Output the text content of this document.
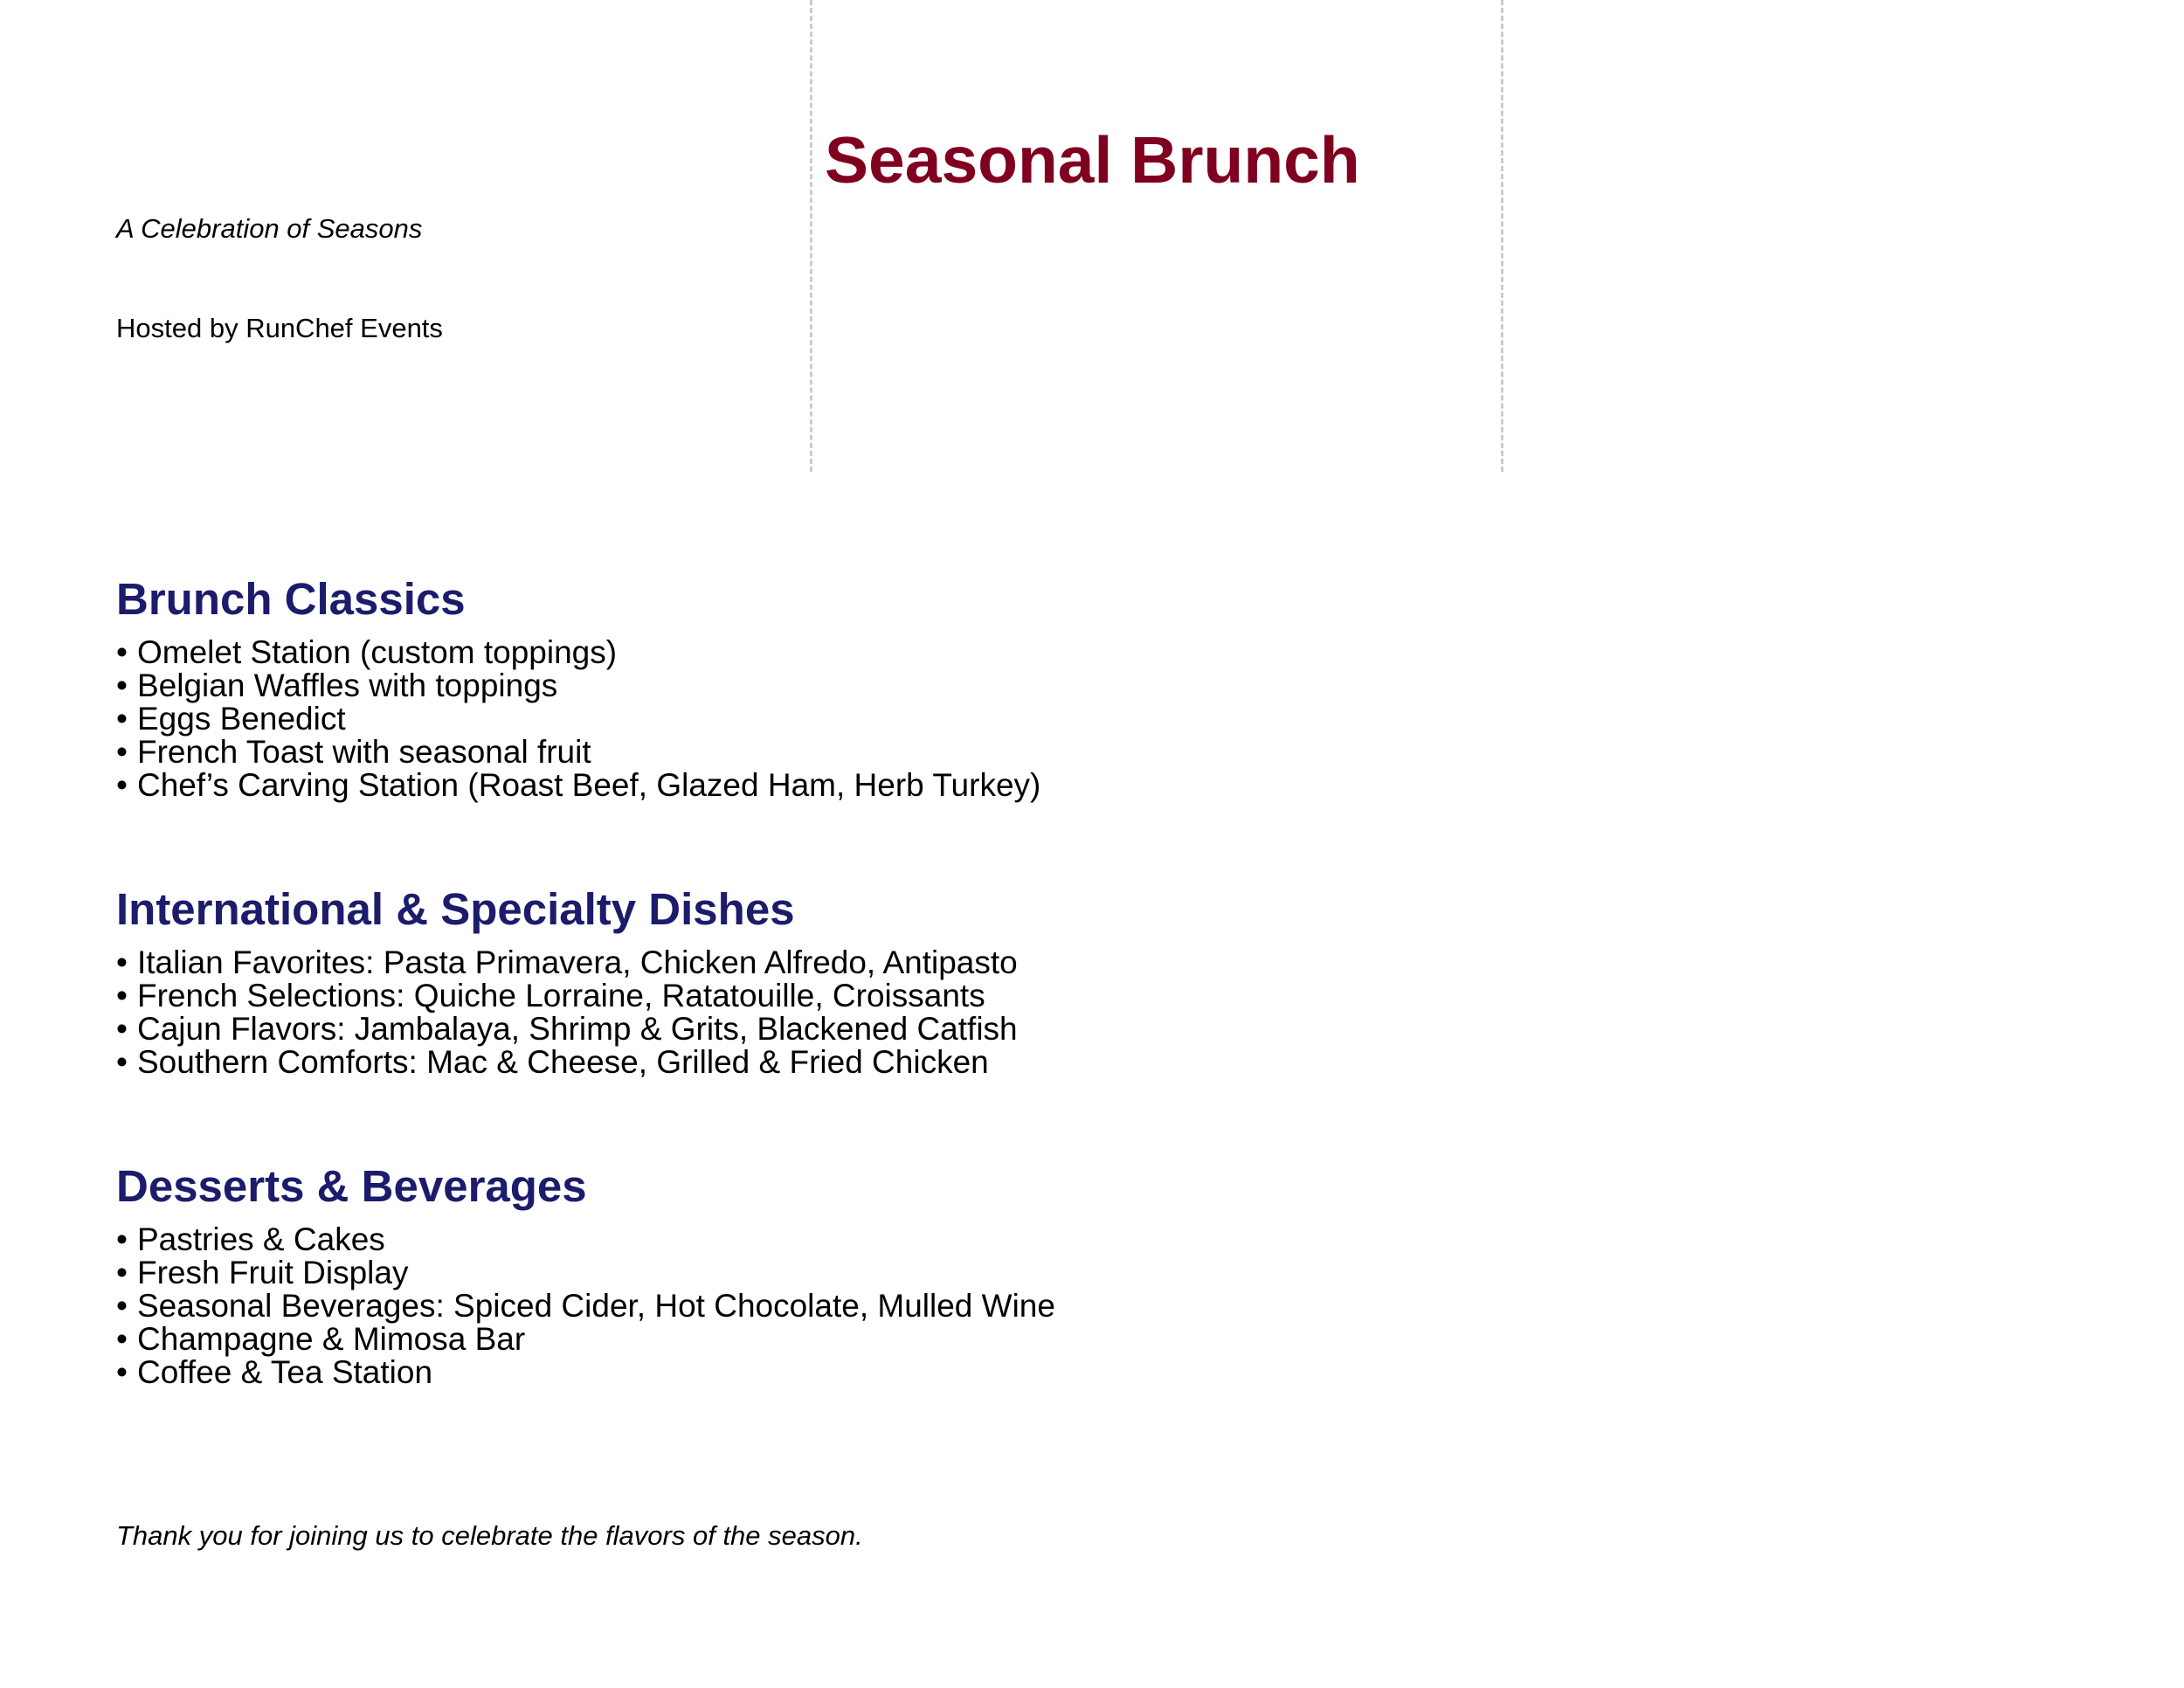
Seasonal Brunch

A Celebration of Seasons

Hosted by RunChef Events

Brunch Classics
• Omelet Station (custom toppings)
• Belgian Waffles with toppings
• Eggs Benedict
• French Toast with seasonal fruit
• Chef’s Carving Station (Roast Beef, Glazed Ham, Herb Turkey)
International & Specialty Dishes
• Italian Favorites: Pasta Primavera, Chicken Alfredo, Antipasto
• French Selections: Quiche Lorraine, Ratatouille, Croissants
• Cajun Flavors: Jambalaya, Shrimp & Grits, Blackened Catfish
• Southern Comforts: Mac & Cheese, Grilled & Fried Chicken
Desserts & Beverages
• Pastries & Cakes
• Fresh Fruit Display
• Seasonal Beverages: Spiced Cider, Hot Chocolate, Mulled Wine
• Champagne & Mimosa Bar
• Coffee & Tea Station

Thank you for joining us to celebrate the flavors of the season.
